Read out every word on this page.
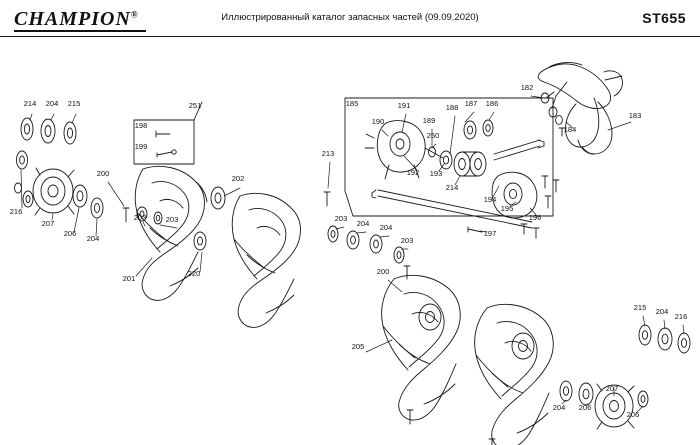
CHAMPION®	Иллюстрированный каталог запасных частей (09.09.2020)	ST655
214 204 215
216
207
206
204
200
201
220
202
251
198
199
203	203
213
203
204 204
203
185
190
191
189
188 187 186
192 193
250
214
194
195
196
197
182
184
183
200
205
204 206
207
206
215 204
216
